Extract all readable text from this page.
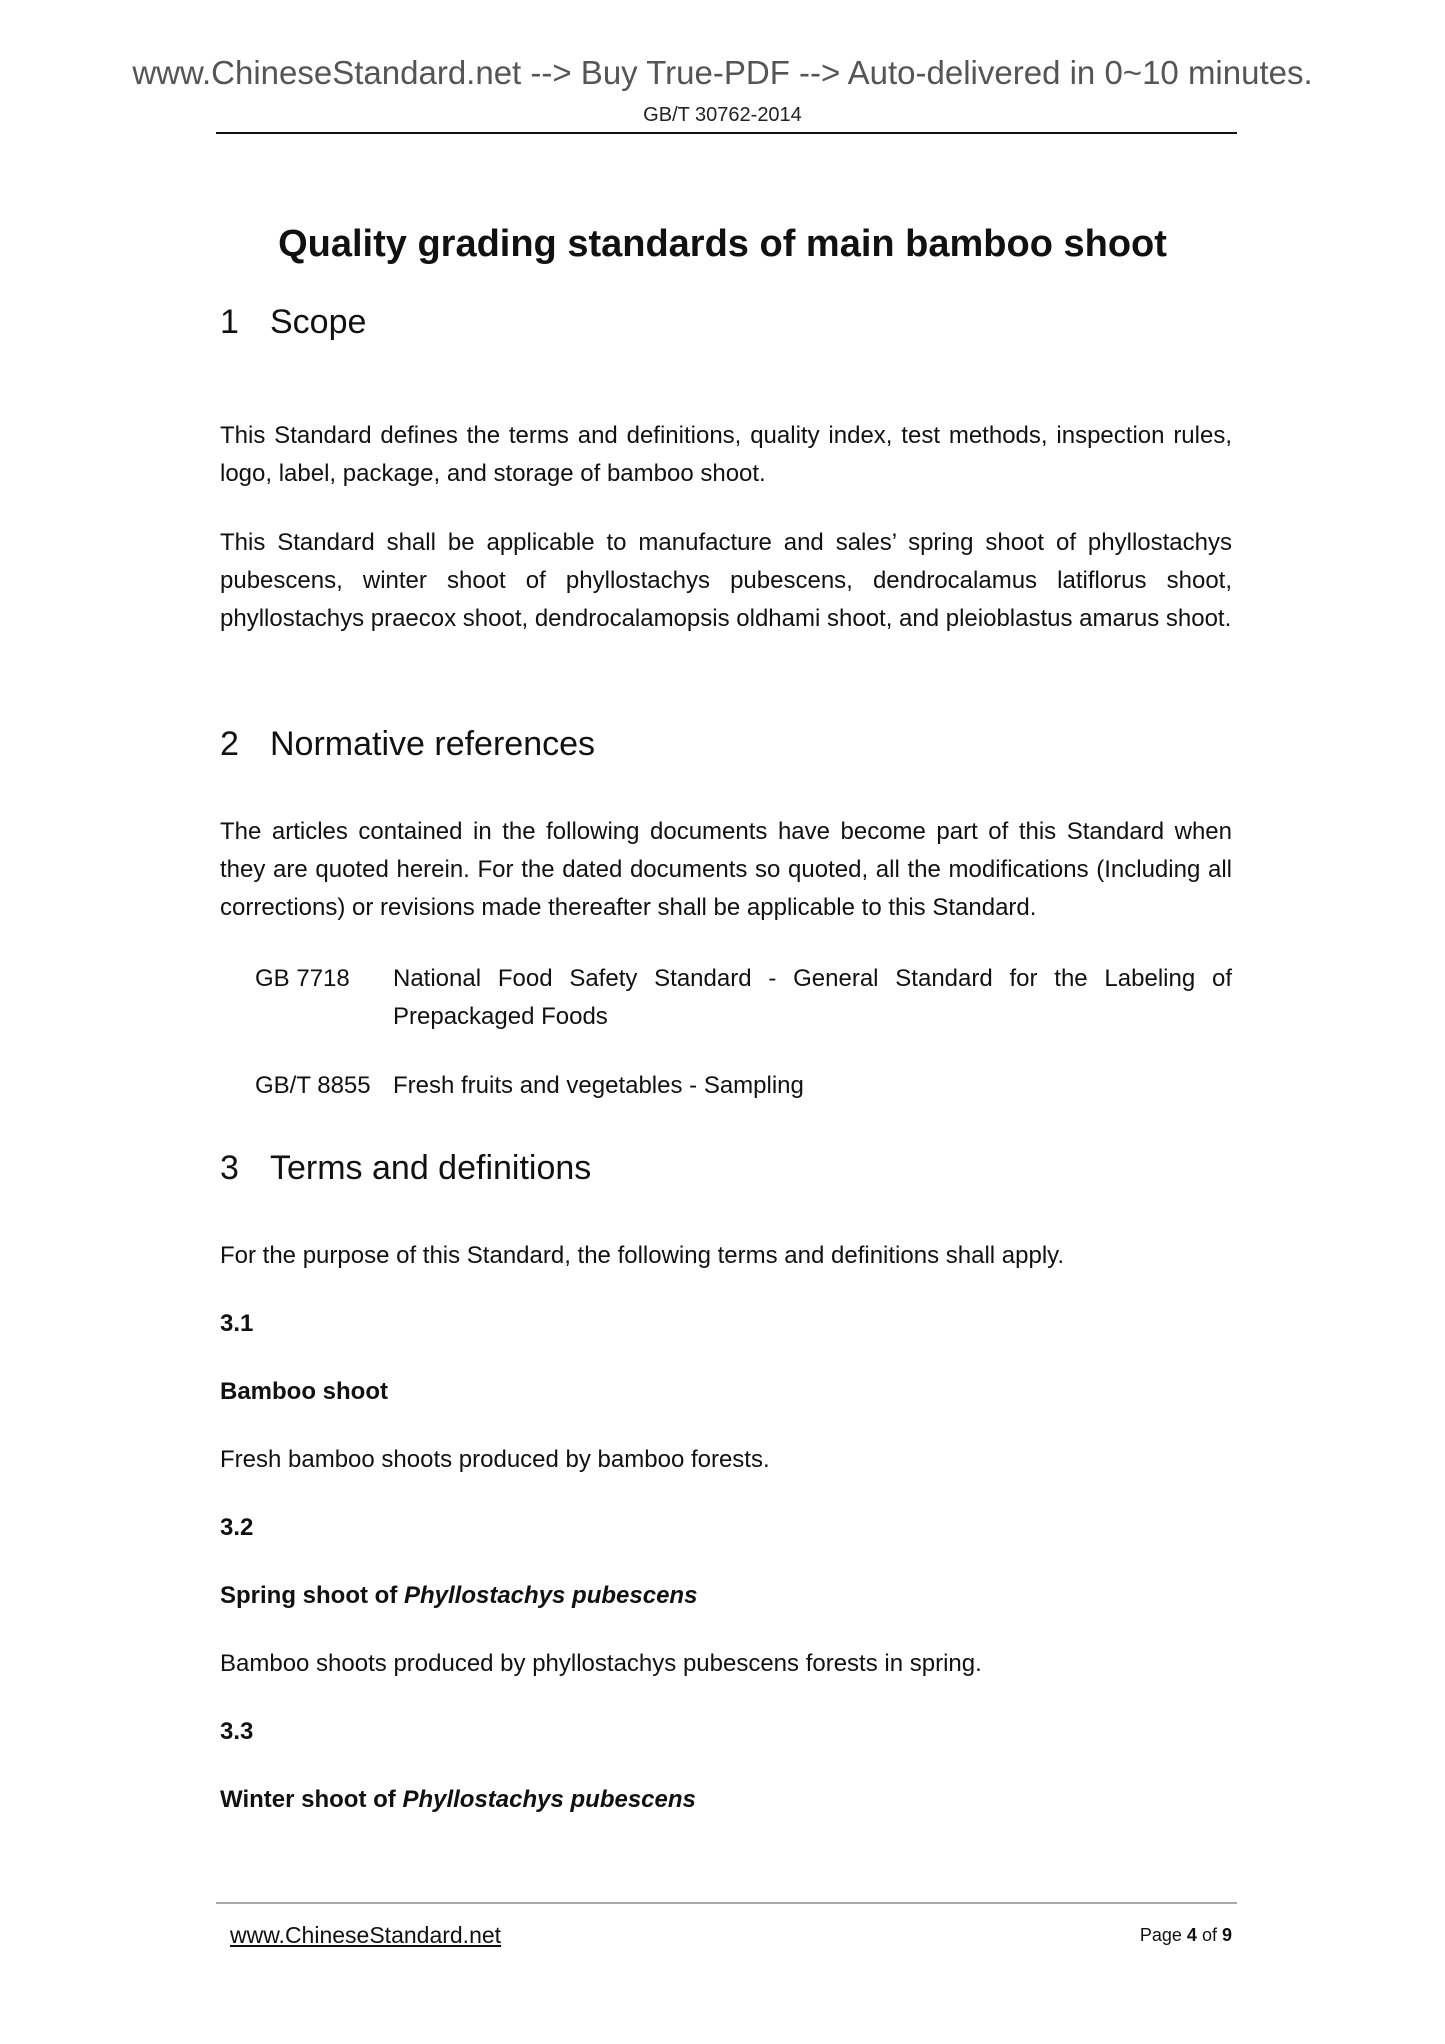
www.ChineseStandard.net --> Buy True-PDF --> Auto-delivered in 0~10 minutes.
GB/T 30762-2014
Quality grading standards of main bamboo shoot
1 Scope
This Standard defines the terms and definitions, quality index, test methods, inspection rules, logo, label, package, and storage of bamboo shoot.
This Standard shall be applicable to manufacture and sales’ spring shoot of phyllostachys pubescens, winter shoot of phyllostachys pubescens, dendrocalamus latiflorus shoot, phyllostachys praecox shoot, dendrocalamopsis oldhami shoot, and pleioblastus amarus shoot.
2 Normative references
The articles contained in the following documents have become part of this Standard when they are quoted herein. For the dated documents so quoted, all the modifications (Including all corrections) or revisions made thereafter shall be applicable to this Standard.
GB 7718 National Food Safety Standard - General Standard for the Labeling of Prepackaged Foods
GB/T 8855 Fresh fruits and vegetables - Sampling
3 Terms and definitions
For the purpose of this Standard, the following terms and definitions shall apply.
3.1
Bamboo shoot
Fresh bamboo shoots produced by bamboo forests.
3.2
Spring shoot of Phyllostachys pubescens
Bamboo shoots produced by phyllostachys pubescens forests in spring.
3.3
Winter shoot of Phyllostachys pubescens
www.ChineseStandard.net	Page 4 of 9
